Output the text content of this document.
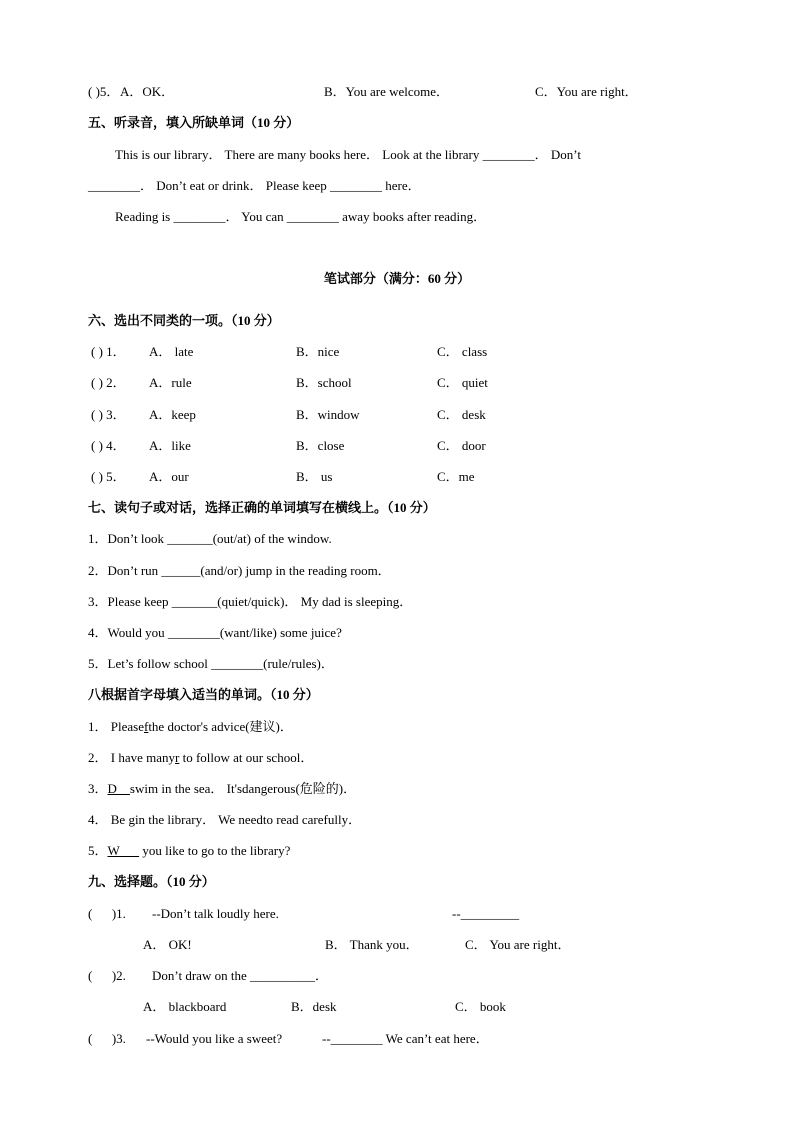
( )5． A．OK．	B．You are welcome．	C．You are right．
五、听录音，填入所缺单词（10 分）
This is our library． There are many books here． Look at the library ________． Don’t
________． Don’t eat or drink． Please keep ________ here．
Reading is ________． You can ________ away books after reading．
笔试部分（满分：60 分）
六、选出不同类的一项。（10 分）
( ) 1． A． late	B．nice	C． class
( ) 2． A．rule	B．school	C． quiet
( ) 3． A．keep	B．window	C． desk
( ) 4． A．like	B．close	C． door
( ) 5． A．our	B． us	C．me
七、读句子或对话，选择正确的单词填写在横线上。（10 分）
1．Don’t look _______(out/at) of the window.
2．Don’t run ______(and/or) jump in the reading room．
3．Please keep _______(quiet/quick)． My dad is sleeping．
4．Would you ________(want/like) some juice?
5．Let’s follow school ________(rule/rules)．
八根据首字母填入适当的单词。（10 分）
1． Pleasefthe doctor's advice(建议)．
2． I have manyr to follow at our school．
3．D    swim in the sea． It'sdangerous(危险的)．
4． Be gin the library． We needto read carefully．
5．W       you like to go to the library?
九、选择题。（10 分）
(      )1. --Don’t talk loudly here.	--_________
A． OK!	B． Thank you．	C． You are right．
(      )2. Don’t draw on the __________．
A． blackboard	B．desk	C． book
(      )3. --Would you like a sweet?	--________ We can’t eat here．
